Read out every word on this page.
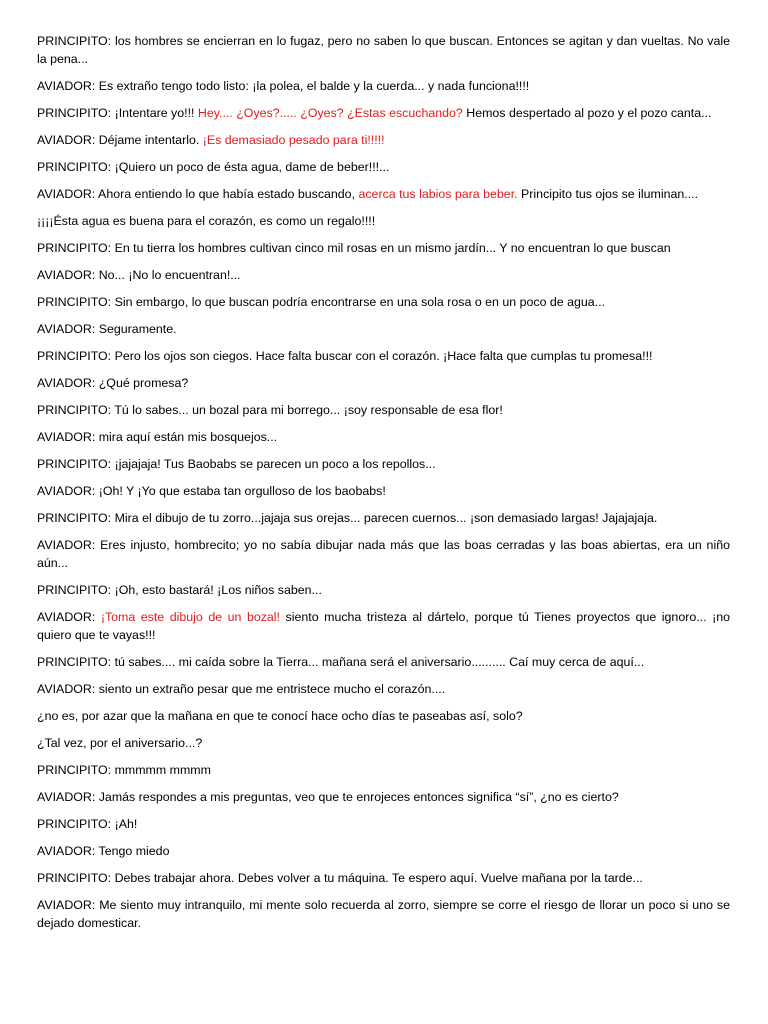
PRINCIPITO: los hombres se encierran en lo fugaz, pero no saben lo que buscan. Entonces se agitan y dan vueltas. No vale la pena...

AVIADOR: Es extraño tengo todo listo: ¡la polea, el balde y la cuerda... y nada funciona!!!!

PRINCIPITO: ¡Intentare yo!!! Hey.... ¿Oyes?..... ¿Oyes? ¿Estas escuchando? Hemos despertado al pozo y el pozo canta...

AVIADOR: Déjame intentarlo. ¡Es demasiado pesado para ti!!!!!

PRINCIPITO: ¡Quiero un poco de ésta agua, dame de beber!!!...

AVIADOR: Ahora entiendo lo que había estado buscando, acerca tus labios para beber. Principito tus ojos se iluminan....

¡¡¡¡Ésta agua es buena para el corazón, es como un regalo!!!!

PRINCIPITO: En tu tierra los hombres cultivan cinco mil rosas en un mismo jardín... Y no encuentran lo que buscan

AVIADOR: No... ¡No lo encuentran!...

PRINCIPITO: Sin embargo, lo que buscan podría encontrarse en una sola rosa o en un poco de agua...

AVIADOR: Seguramente.

PRINCIPITO: Pero los ojos son ciegos. Hace falta buscar con el corazón. ¡Hace falta que cumplas tu promesa!!!

AVIADOR: ¿Qué promesa?

PRINCIPITO: Tú lo sabes... un bozal para mi borrego... ¡soy responsable de esa flor!

AVIADOR: mira aquí están mis bosquejos...

PRINCIPITO: ¡jajajaja! Tus Baobabs se parecen un poco a los repollos...

AVIADOR: ¡Oh! Y ¡Yo que estaba tan orgulloso de los baobabs!

PRINCIPITO: Mira el dibujo de tu zorro...jajaja sus orejas... parecen cuernos... ¡son demasiado largas! Jajajajaja.

AVIADOR: Eres injusto, hombrecito; yo no sabía dibujar nada más que las boas cerradas y las boas abiertas, era un niño aún...

PRINCIPITO: ¡Oh, esto bastará! ¡Los niños saben...

AVIADOR: ¡Toma este dibujo de un bozal! siento mucha tristeza al dártelo, porque tú Tienes proyectos que ignoro... ¡no quiero que te vayas!!!

PRINCIPITO: tú sabes.... mi caída sobre la Tierra... mañana será el aniversario.......... Caí muy cerca de aquí...

AVIADOR: siento un extraño pesar que me entristece mucho el corazón....

¿no es, por azar que la mañana en que te conocí hace ocho días te paseabas así, solo?

¿Tal vez, por el aniversario...?

PRINCIPITO: mmmmm mmmm

AVIADOR: Jamás respondes a mis preguntas, veo que te enrojeces entonces significa “sí”, ¿no es cierto?

PRINCIPITO: ¡Ah!

AVIADOR: Tengo miedo

PRINCIPITO: Debes trabajar ahora. Debes volver a tu máquina. Te espero aquí. Vuelve mañana por la tarde...

AVIADOR: Me siento muy intranquilo, mi mente solo recuerda al zorro, siempre se corre el riesgo de llorar un poco si uno se dejado domesticar.
